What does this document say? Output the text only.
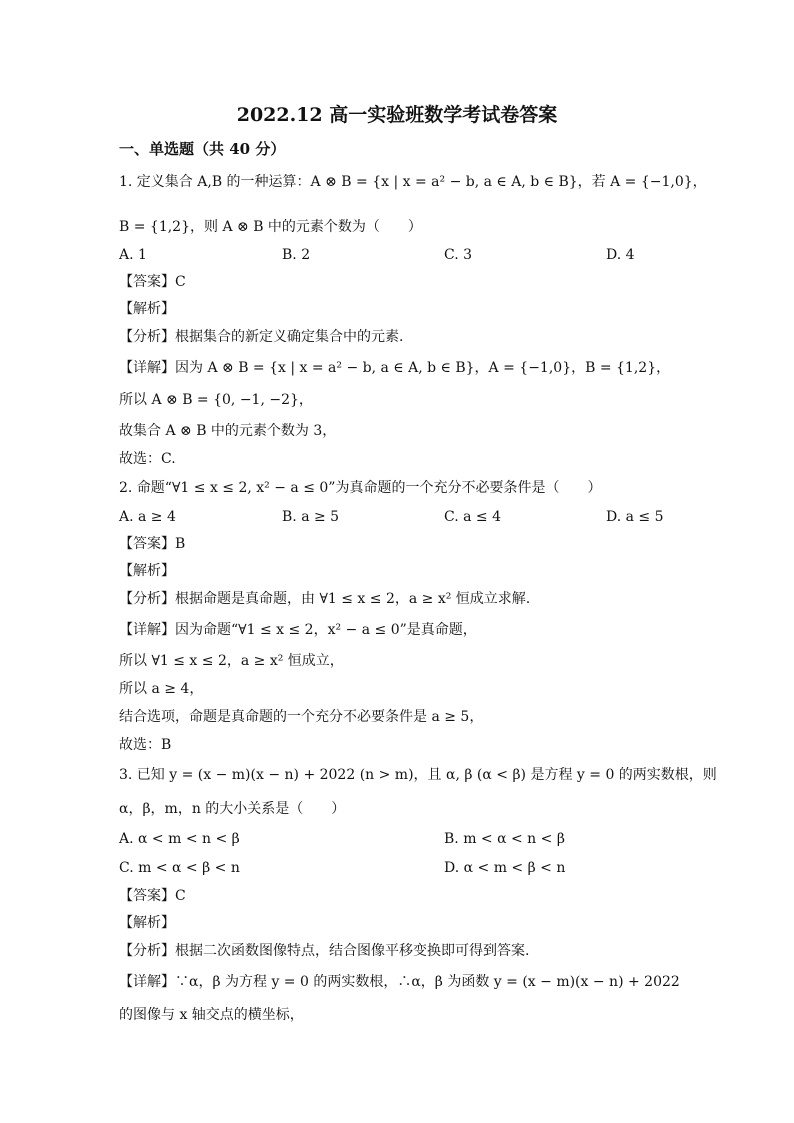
2022.12 高一实验班数学考试卷答案
一、单选题（共 40 分）
1. 定义集合 A,B 的一种运算：A ⊗ B = {x | x = a² − b, a ∈ A, b ∈ B}，若 A = {−1,0}，
B = {1,2}，则 A ⊗ B 中的元素个数为（　　）
A. 1	B. 2	C. 3	D. 4
【答案】C
【解析】
【分析】根据集合的新定义确定集合中的元素.
【详解】因为 A ⊗ B = {x | x = a² − b, a ∈ A, b ∈ B}，A = {−1,0}，B = {1,2}，
所以 A ⊗ B = {0, −1, −2}，
故集合 A ⊗ B 中的元素个数为 3，
故选：C.
2. 命题“∀1 ≤ x ≤ 2, x² − a ≤ 0”为真命题的一个充分不必要条件是（　　）
A. a ≥ 4	B. a ≥ 5	C. a ≤ 4	D. a ≤ 5
【答案】B
【解析】
【分析】根据命题是真命题，由 ∀1 ≤ x ≤ 2，a ≥ x² 恒成立求解.
【详解】因为命题“∀1 ≤ x ≤ 2，x² − a ≤ 0”是真命题，
所以 ∀1 ≤ x ≤ 2，a ≥ x² 恒成立，
所以 a ≥ 4，
结合选项，命题是真命题的一个充分不必要条件是 a ≥ 5，
故选：B
3. 已知 y = (x − m)(x − n) + 2022 (n > m)，且 α, β (α < β) 是方程 y = 0 的两实数根，则
α，β，m，n 的大小关系是（　　）
A. α < m < n < β	B. m < α < n < β
C. m < α < β < n	D. α < m < β < n
【答案】C
【解析】
【分析】根据二次函数图像特点，结合图像平移变换即可得到答案.
【详解】∵α，β 为方程 y = 0 的两实数根，∴α，β 为函数 y = (x − m)(x − n) + 2022
的图像与 x 轴交点的横坐标，
